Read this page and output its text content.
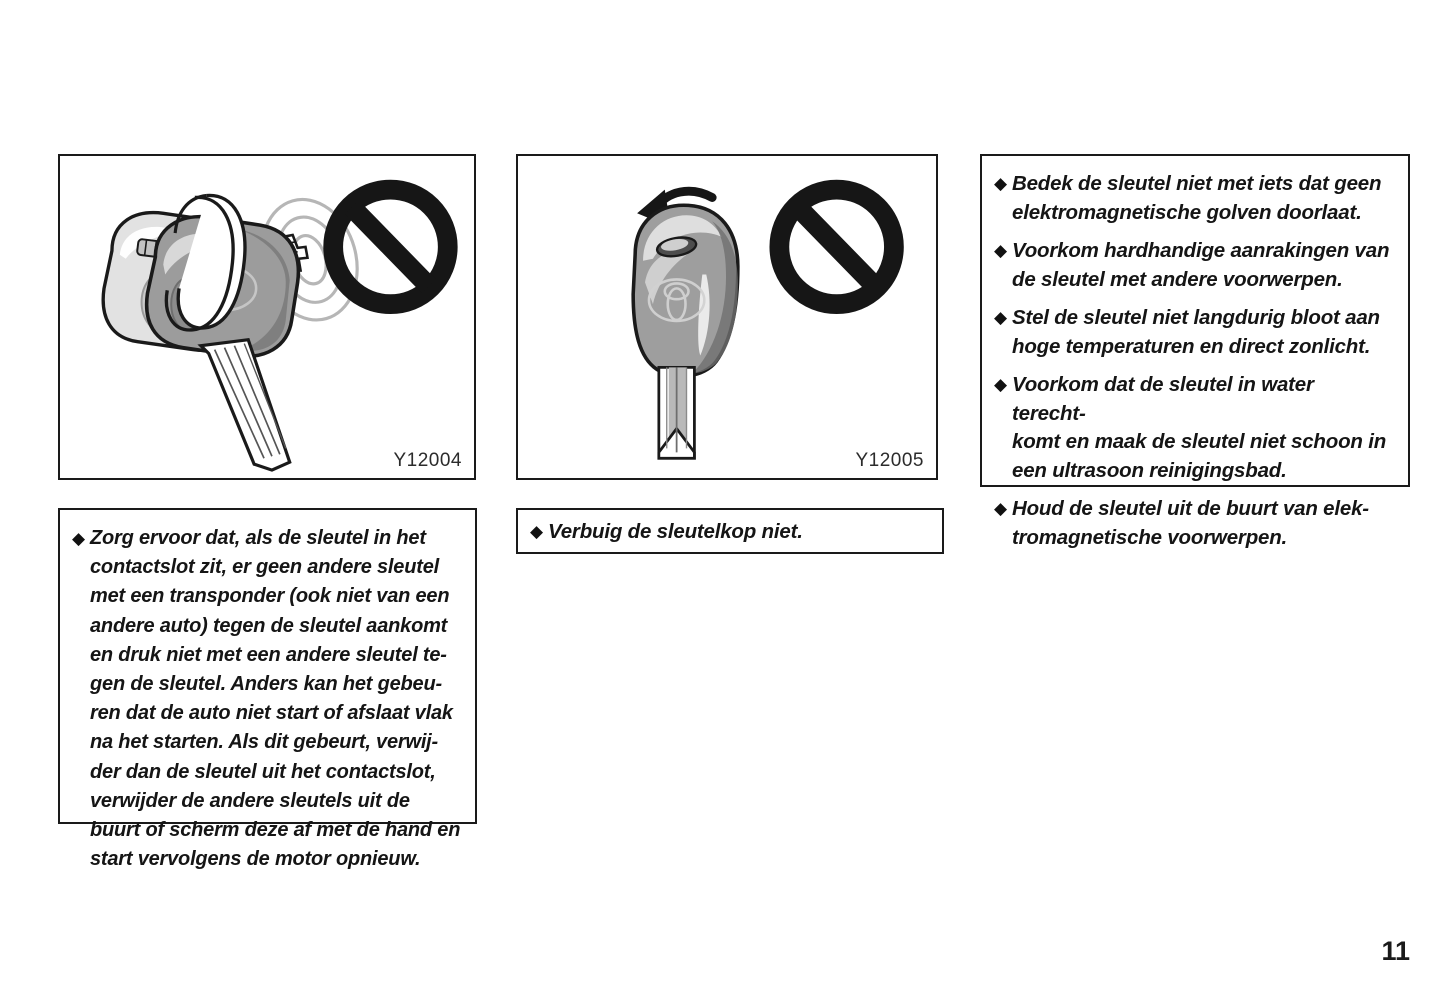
Y12004	Y12005
◆ Bedek de sleutel niet met iets dat geen
elektromagnetische golven doorlaat.
◆ Voorkom hardhandige aanrakingen van
de sleutel met andere voorwerpen.
◆ Stel de sleutel niet langdurig bloot aan
hoge temperaturen en direct zonlicht.
◆ Voorkom dat de sleutel in water terecht-
komt en maak de sleutel niet schoon in
een ultrasoon reinigingsbad.
◆ Houd de sleutel uit de buurt van elek-
tromagnetische voorwerpen.
◆ Zorg ervoor dat, als de sleutel in het
contactslot zit, er geen andere sleutel
met een transponder (ook niet van een
andere auto) tegen de sleutel aankomt
en druk niet met een andere sleutel te-
gen de sleutel. Anders kan het gebeu-
ren dat de auto niet start of afslaat vlak
na het starten. Als dit gebeurt, verwij-
der dan de sleutel uit het contactslot,
verwijder de andere sleutels uit de
buurt of scherm deze af met de hand en
start vervolgens de motor opnieuw.
◆ Verbuig de sleutelkop niet.
11
